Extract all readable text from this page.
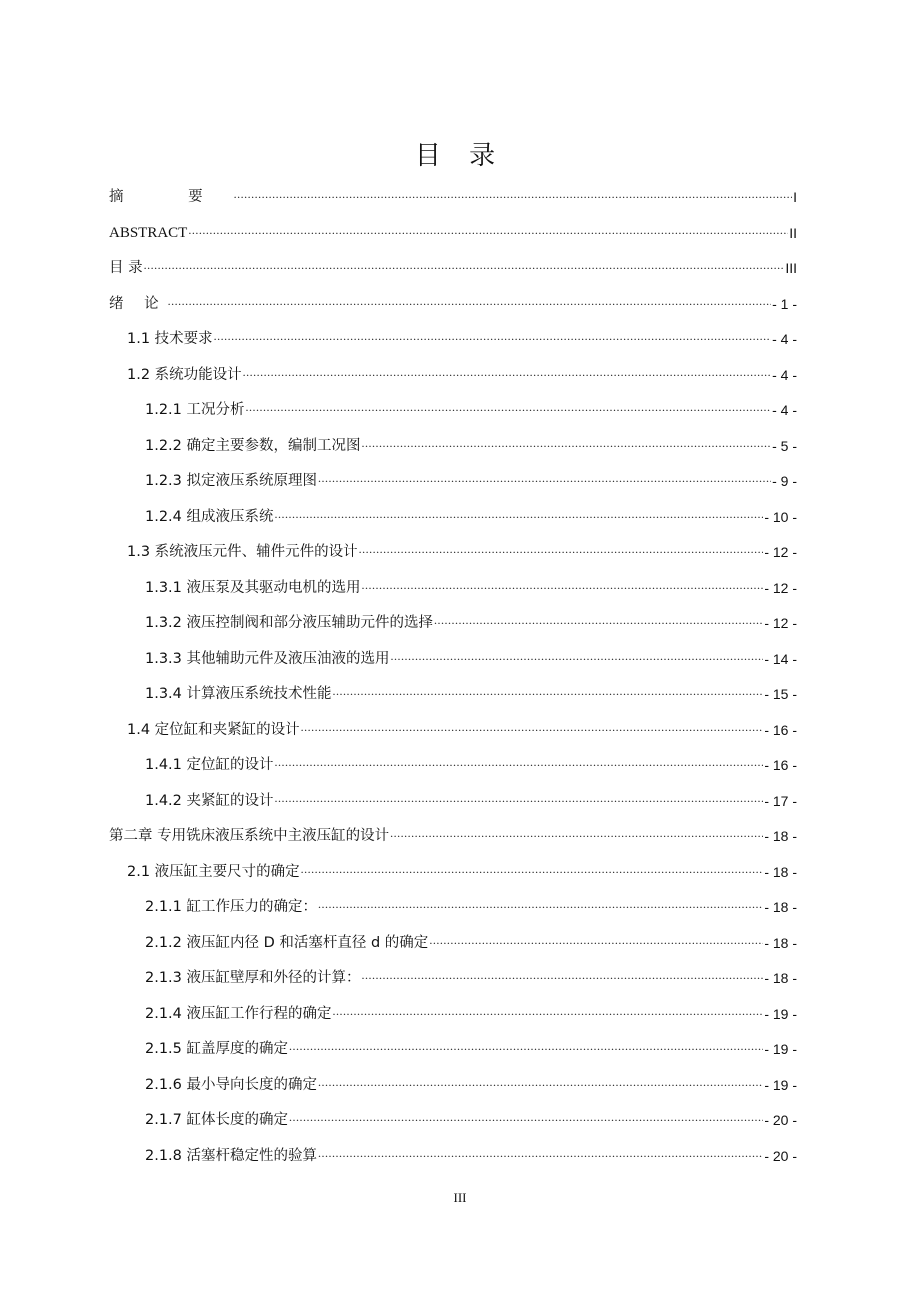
目 录
摘 要 .....	I
ABSTRACT .....	II
目 录 .....	III
绪 论 .....	- 1 -
1.1 技术要求 .....	- 4 -
1.2 系统功能设计 .....	- 4 -
1.2.1 工况分析 .....	- 4 -
1.2.2 确定主要参数，编制工况图 .....	- 5 -
1.2.3 拟定液压系统原理图 .....	- 9 -
1.2.4 组成液压系统 .....	- 10 -
1.3 系统液压元件、辅件元件的设计 .....	- 12 -
1.3.1 液压泵及其驱动电机的选用 .....	- 12 -
1.3.2 液压控制阀和部分液压辅助元件的选择 .....	- 12 -
1.3.3 其他辅助元件及液压油液的选用 .....	- 14 -
1.3.4 计算液压系统技术性能 .....	- 15 -
1.4 定位缸和夹紧缸的设计 .....	- 16 -
1.4.1 定位缸的设计 .....	- 16 -
1.4.2 夹紧缸的设计 .....	- 17 -
第二章 专用铣床液压系统中主液压缸的设计 .....	- 18 -
2.1 液压缸主要尺寸的确定 .....	- 18 -
2.1.1 缸工作压力的确定： .....	- 18 -
2.1.2 液压缸内径 D 和活塞杆直径 d 的确定 .....	- 18 -
2.1.3 液压缸壁厚和外径的计算： .....	- 18 -
2.1.4 液压缸工作行程的确定 .....	- 19 -
2.1.5 缸盖厚度的确定 .....	- 19 -
2.1.6 最小导向长度的确定 .....	- 19 -
2.1.7 缸体长度的确定 .....	- 20 -
2.1.8 活塞杆稳定性的验算 .....	- 20 -
III
